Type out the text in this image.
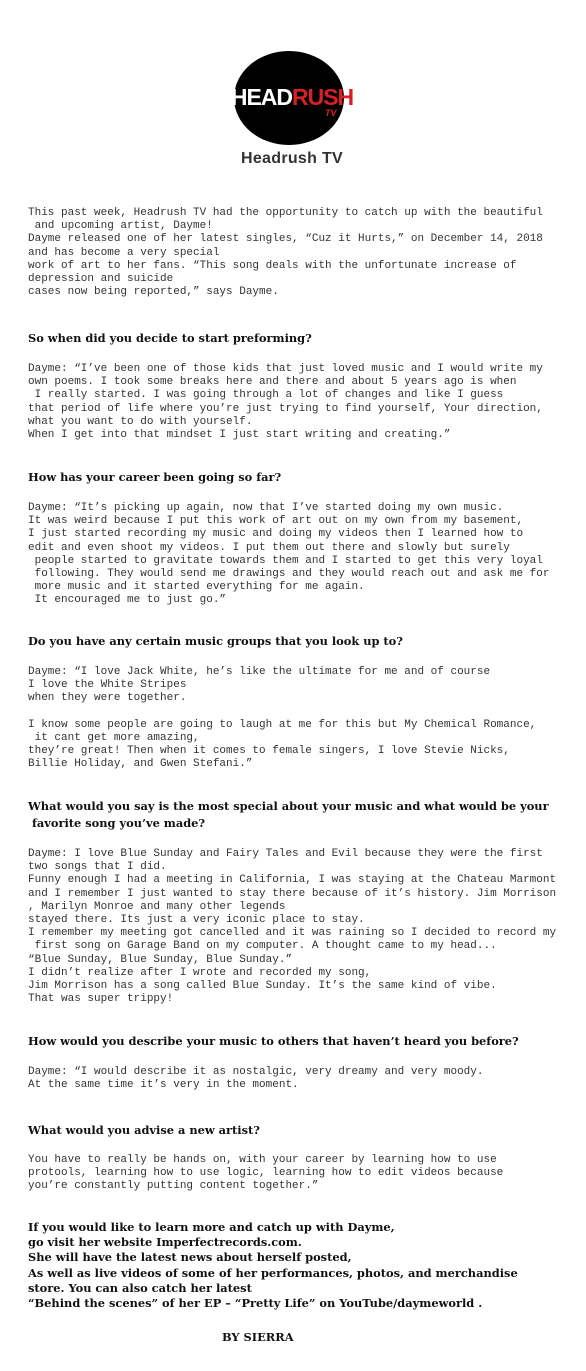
HEADRUSH
TV
Headrush TV

This past week, Headrush TV had the opportunity to catch up with the beautiful
and upcoming artist, Dayme!
Dayme released one of her latest singles, “Cuz it Hurts,” on December 14, 2018
and has become a very special
work of art to her fans. “This song deals with the unfortunate increase of
depression and suicide
cases now being reported,” says Dayme.

So when did you decide to start preforming?

Dayme: “I’ve been one of those kids that just loved music and I would write my
own poems. I took some breaks here and there and about 5 years ago is when
I really started. I was going through a lot of changes and like I guess
that period of life where you’re just trying to find yourself, Your direction,
what you want to do with yourself.
When I get into that mindset I just start writing and creating.”

How has your career been going so far?

Dayme: “It’s picking up again, now that I’ve started doing my own music.
It was weird because I put this work of art out on my own from my basement,
I just started recording my music and doing my videos then I learned how to
edit and even shoot my videos. I put them out there and slowly but surely
people started to gravitate towards them and I started to get this very loyal
following. They would send me drawings and they would reach out and ask me for
more music and it started everything for me again.
It encouraged me to just go.”

Do you have any certain music groups that you look up to?

Dayme: “I love Jack White, he’s like the ultimate for me and of course
I love the White Stripes
when they were together.

I know some people are going to laugh at me for this but My Chemical Romance,
it cant get more amazing,
they’re great! Then when it comes to female singers, I love Stevie Nicks,
Billie Holiday, and Gwen Stefani.”

What would you say is the most special about your music and what would be your
favorite song you’ve made?

Dayme: I love Blue Sunday and Fairy Tales and Evil because they were the first
two songs that I did.
Funny enough I had a meeting in California, I was staying at the Chateau Marmont
and I remember I just wanted to stay there because of it’s history. Jim Morrison
, Marilyn Monroe and many other legends
stayed there. Its just a very iconic place to stay.
I remember my meeting got cancelled and it was raining so I decided to record my
first song on Garage Band on my computer. A thought came to my head...
“Blue Sunday, Blue Sunday, Blue Sunday.”
I didn’t realize after I wrote and recorded my song,
Jim Morrison has a song called Blue Sunday. It’s the same kind of vibe.
That was super trippy!

How would you describe your music to others that haven’t heard you before?

Dayme: “I would describe it as nostalgic, very dreamy and very moody.
At the same time it’s very in the moment.

What would you advise a new artist?

You have to really be hands on, with your career by learning how to use
protools, learning how to use logic, learning how to edit videos because
you’re constantly putting content together.”

If you would like to learn more and catch up with Dayme,
go visit her website Imperfectrecords.com.
She will have the latest news about herself posted,
As well as live videos of some of her performances, photos, and merchandise
store. You can also catch her latest
“Behind the scenes” of her EP – “Pretty Life” on YouTube/daymeworld .

BY SIERRA
